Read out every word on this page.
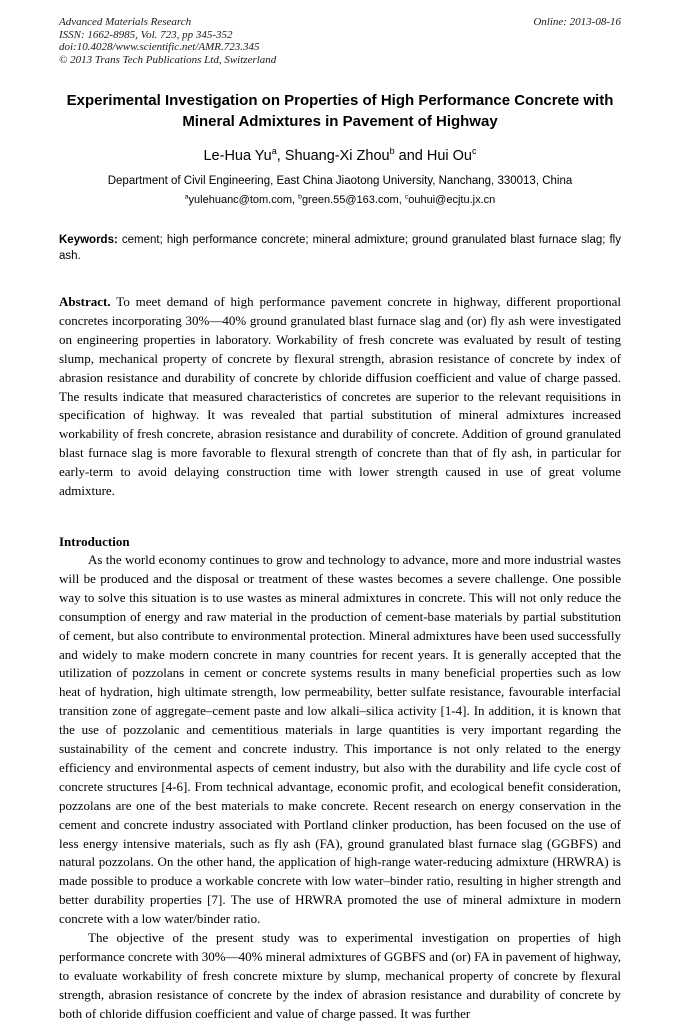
Advanced Materials Research
ISSN: 1662-8985, Vol. 723, pp 345-352
doi:10.4028/www.scientific.net/AMR.723.345
© 2013 Trans Tech Publications Ltd, Switzerland
Online: 2013-08-16
Experimental Investigation on Properties of High Performance Concrete with Mineral Admixtures in Pavement of Highway

Le-Hua Yu$^a$, Shuang-Xi Zhou$^b$ and Hui Ou$^c$

Department of Civil Engineering, East China Jiaotong University, Nanchang, 330013, China

$^a$yulehuanc@tom.com, $^b$green.55@163.com, $^c$ouhui@ecjtu.jx.cn

Keywords: cement; high performance concrete; mineral admixture; ground granulated blast furnace slag; fly ash.

Abstract. To meet demand of high performance pavement concrete in highway, different proportional concretes incorporating 30%—40% ground granulated blast furnace slag and (or) fly ash were investigated on engineering properties in laboratory. Workability of fresh concrete was evaluated by result of testing slump, mechanical property of concrete by flexural strength, abrasion resistance of concrete by index of abrasion resistance and durability of concrete by chloride diffusion coefficient and value of charge passed. The results indicate that measured characteristics of concretes are superior to the relevant requisitions in specification of highway. It was revealed that partial substitution of mineral admixtures increased workability of fresh concrete, abrasion resistance and durability of concrete. Addition of ground granulated blast furnace slag is more favorable to flexural strength of concrete than that of fly ash, in particular for early-term to avoid delaying construction time with lower strength caused in use of great volume admixture.

Introduction

As the world economy continues to grow and technology to advance, more and more industrial wastes will be produced and the disposal or treatment of these wastes becomes a severe challenge. One possible way to solve this situation is to use wastes as mineral admixtures in concrete. This will not only reduce the consumption of energy and raw material in the production of cement-base materials by partial substitution of cement, but also contribute to environmental protection. Mineral admixtures have been used successfully and widely to make modern concrete in many countries for recent years. It is generally accepted that the utilization of pozzolans in cement or concrete systems results in many beneficial properties such as low heat of hydration, high ultimate strength, low permeability, better sulfate resistance, favourable interfacial transition zone of aggregate–cement paste and low alkali–silica activity [1-4]. In addition, it is known that the use of pozzolanic and cementitious materials in large quantities is very important regarding the sustainability of the cement and concrete industry. This importance is not only related to the energy efficiency and environmental aspects of cement industry, but also with the durability and life cycle cost of concrete structures [4-6]. From technical advantage, economic profit, and ecological benefit consideration, pozzolans are one of the best materials to make concrete. Recent research on energy conservation in the cement and concrete industry associated with Portland clinker production, has been focused on the use of less energy intensive materials, such as fly ash (FA), ground granulated blast furnace slag (GGBFS) and natural pozzolans. On the other hand, the application of high-range water-reducing admixture (HRWRA) is made possible to produce a workable concrete with low water–binder ratio, resulting in higher strength and better durability properties [7]. The use of HRWRA promoted the use of mineral admixture in modern concrete with a low water/binder ratio.

The objective of the present study was to experimental investigation on properties of high performance concrete with 30%—40% mineral admixtures of GGBFS and (or) FA in pavement of highway, to evaluate workability of fresh concrete mixture by slump, mechanical property of concrete by flexural strength, abrasion resistance of concrete by the index of abrasion resistance and durability of concrete by both of chloride diffusion coefficient and value of charge passed. It was further
